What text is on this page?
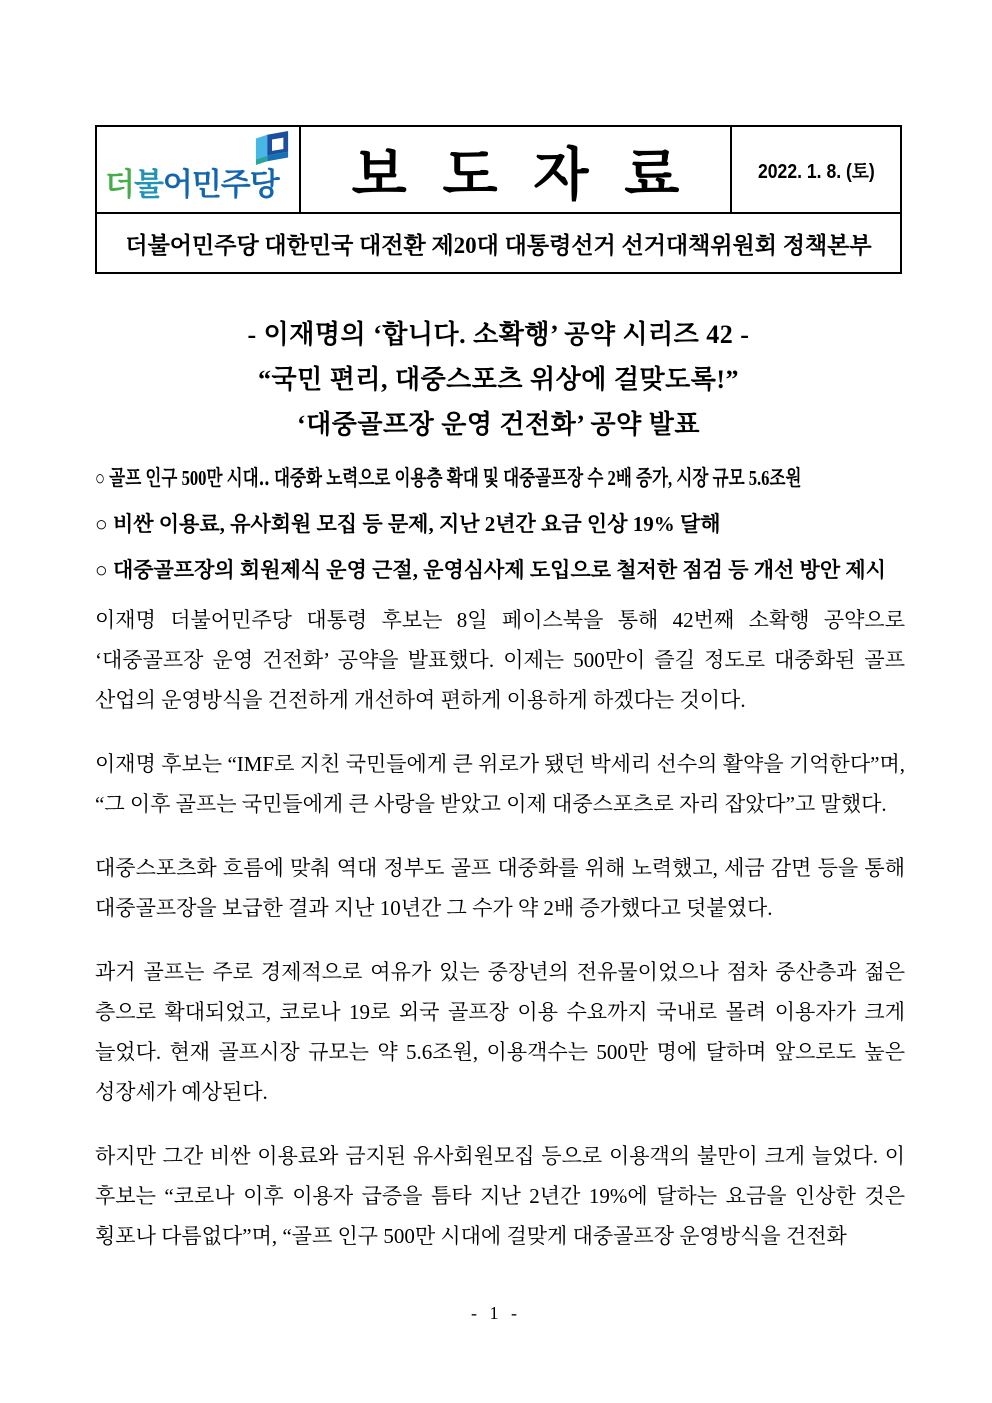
더불어민주당	보 도 자 료	2022. 1. 8. (토)
더불어민주당 대한민국 대전환 제20대 대통령선거 선거대책위원회 정책본부
- 이재명의 ‘합니다. 소확행’ 공약 시리즈 42 -
“국민 편리, 대중스포츠 위상에 걸맞도록!”
‘대중골프장 운영 건전화’ 공약 발표
○ 골프 인구 500만 시대‥ 대중화 노력으로 이용층 확대 및 대중골프장 수 2배 증가, 시장 규모 5.6조원
○ 비싼 이용료, 유사회원 모집 등 문제, 지난 2년간 요금 인상 19% 달해
○ 대중골프장의 회원제식 운영 근절, 운영심사제 도입으로 철저한 점검 등 개선 방안 제시

이재명 더불어민주당 대통령 후보는 8일 페이스북을 통해 42번째 소확행 공약으로 ‘대중골프장 운영 건전화’ 공약을 발표했다. 이제는 500만이 즐길 정도로 대중화된 골프 산업의 운영방식을 건전하게 개선하여 편하게 이용하게 하겠다는 것이다.

이재명 후보는 “IMF로 지친 국민들에게 큰 위로가 됐던 박세리 선수의 활약을 기억한다”며, “그 이후 골프는 국민들에게 큰 사랑을 받았고 이제 대중스포츠로 자리 잡았다”고 말했다.

대중스포츠화 흐름에 맞춰 역대 정부도 골프 대중화를 위해 노력했고, 세금 감면 등을 통해 대중골프장을 보급한 결과 지난 10년간 그 수가 약 2배 증가했다고 덧붙였다.

과거 골프는 주로 경제적으로 여유가 있는 중장년의 전유물이었으나 점차 중산층과 젊은 층으로 확대되었고, 코로나 19로 외국 골프장 이용 수요까지 국내로 몰려 이용자가 크게 늘었다. 현재 골프시장 규모는 약 5.6조원, 이용객수는 500만 명에 달하며 앞으로도 높은 성장세가 예상된다.

하지만 그간 비싼 이용료와 금지된 유사회원모집 등으로 이용객의 불만이 크게 늘었다. 이 후보는 “코로나 이후 이용자 급증을 틈타 지난 2년간 19%에 달하는 요금을 인상한 것은 횡포나 다름없다”며, “골프 인구 500만 시대에 걸맞게 대중골프장 운영방식을 건전화

- 1 -
